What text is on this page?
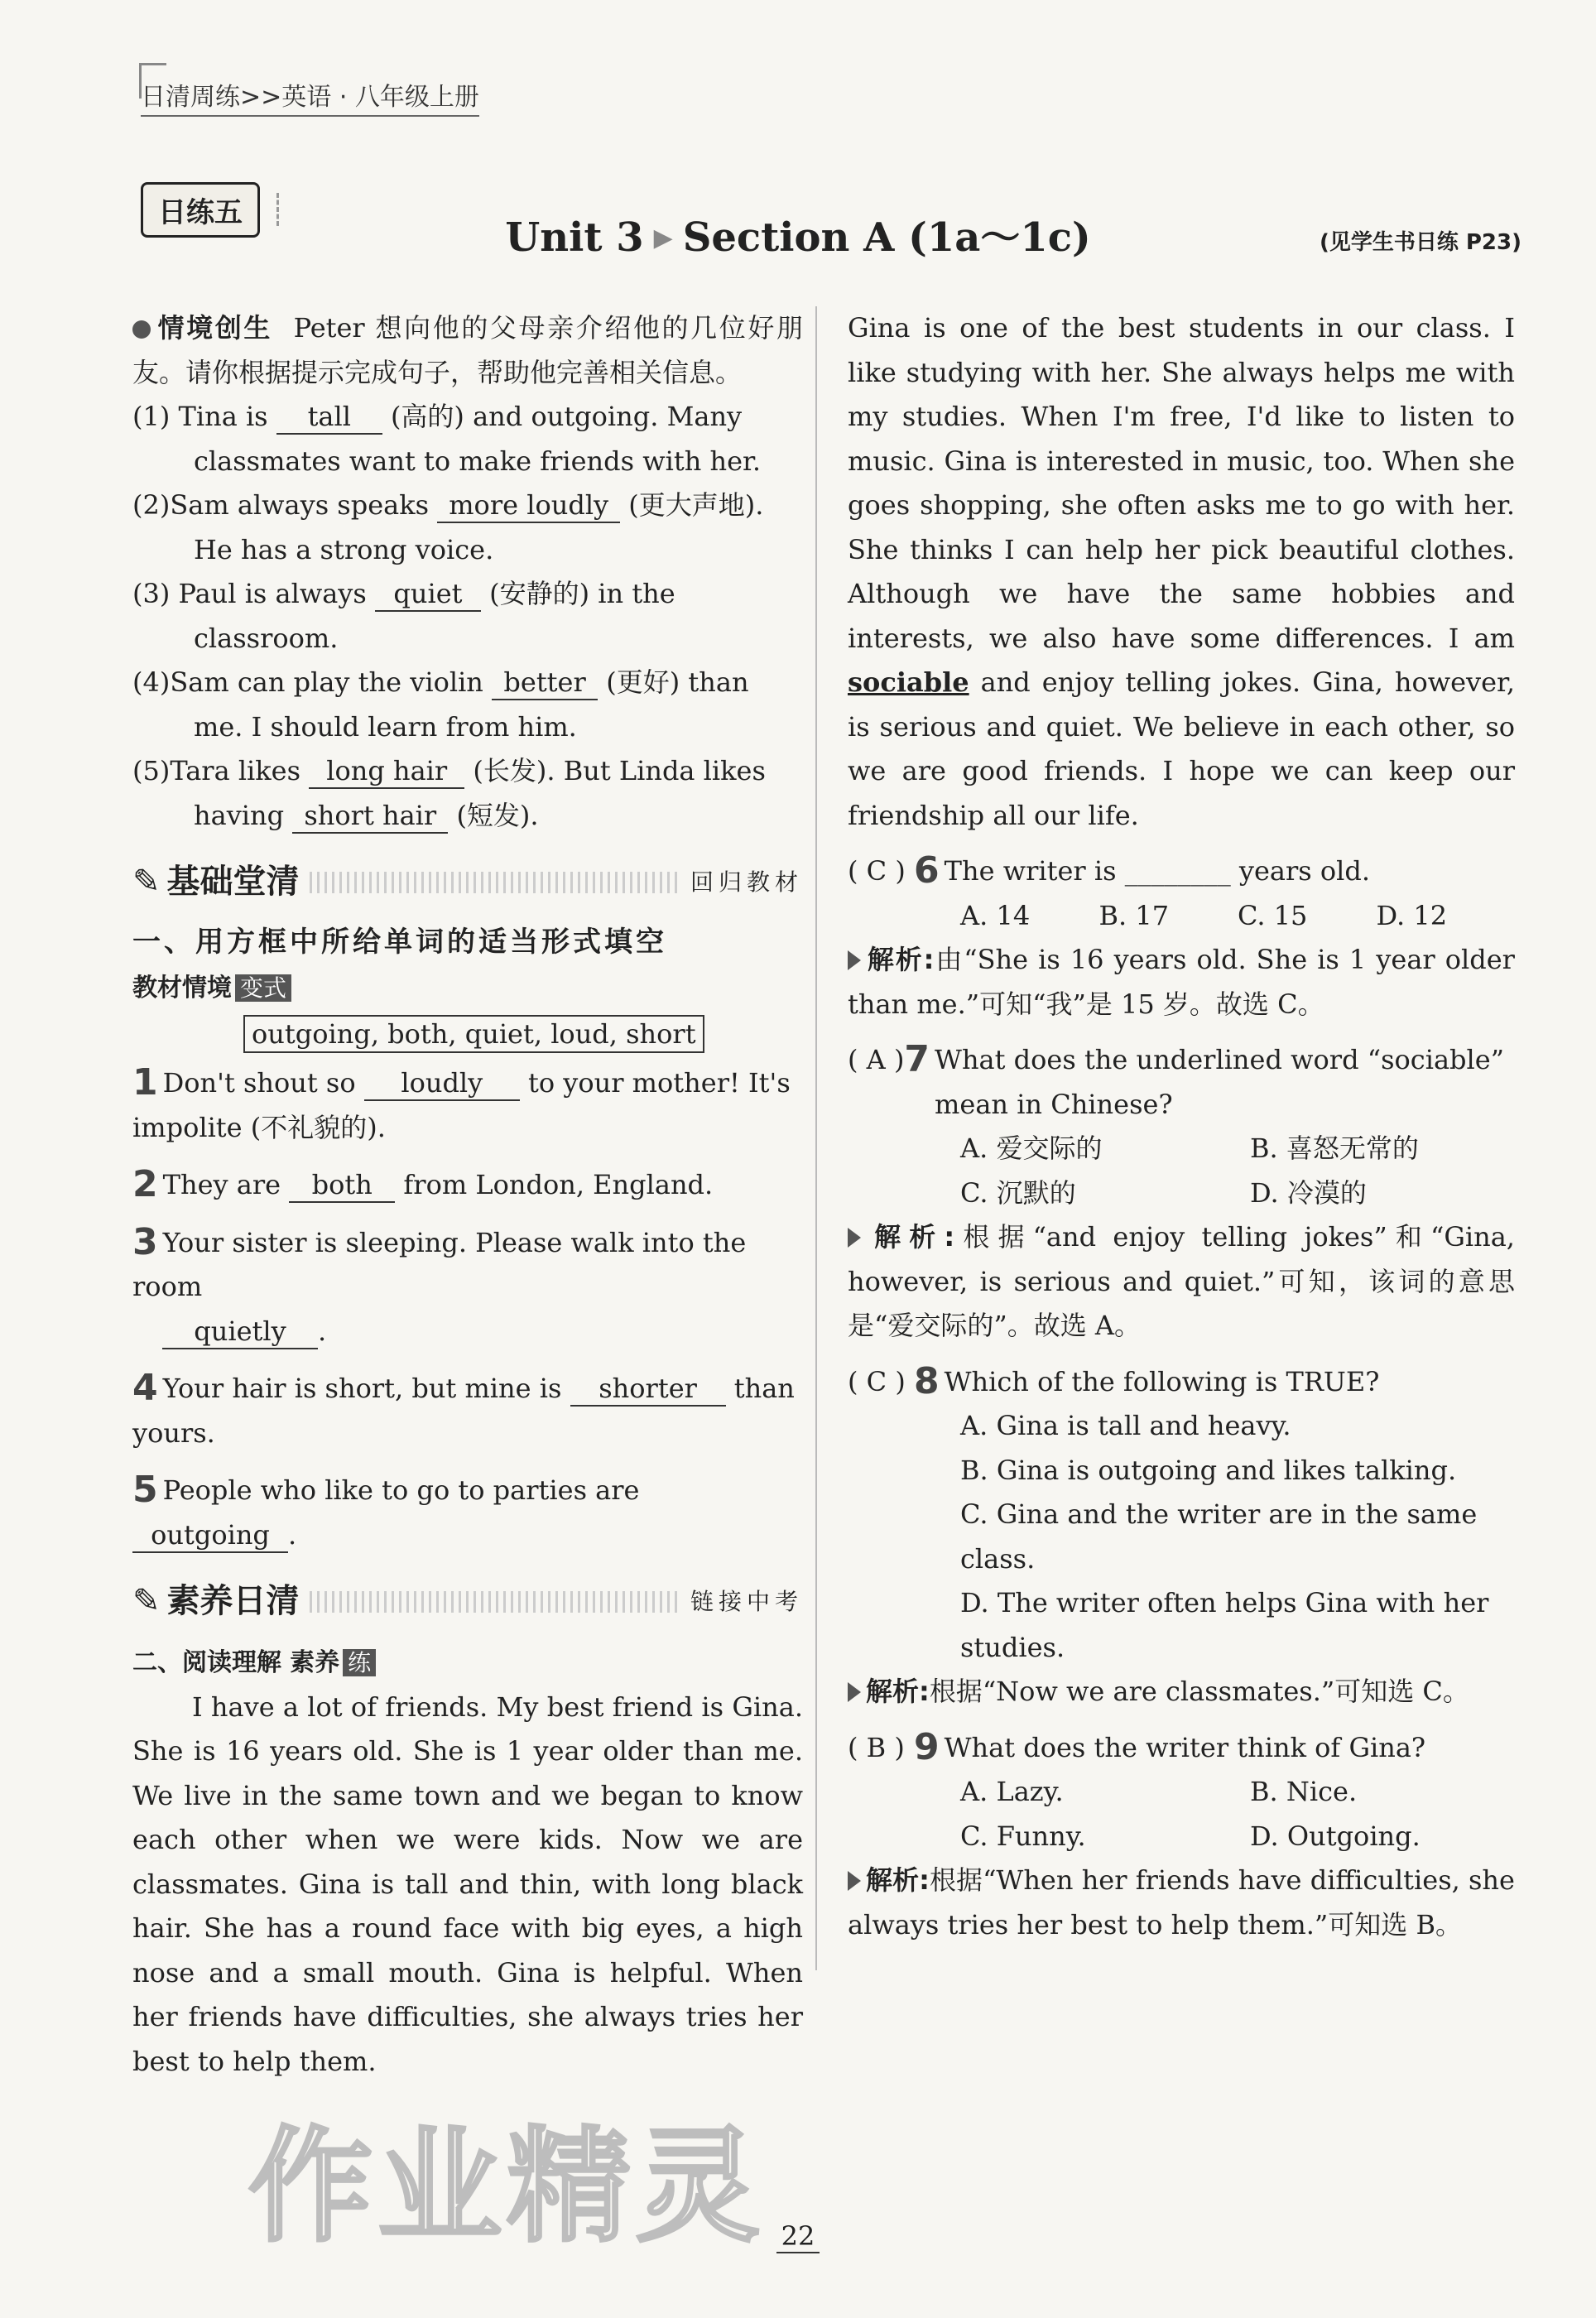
日清周练>>英语 · 八年级上册
日练五
Unit 3 ▶ Section A (1a～1c)	(见学生书日练 P23)
情境创生 Peter 想向他的父母亲介绍他的几位好朋友。请你根据提示完成句子，帮助他完善相关信息。
(1) Tina is tall (高的) and outgoing. Many
classmates want to make friends with her.
(2)Sam always speaks more loudly (更大声地).
He has a strong voice.
(3) Paul is always quiet (安静的) in the
classroom.
(4)Sam can play the violin better (更好) than
me. I should learn from him.
(5)Tara likes long hair (长发). But Linda likes
having short hair (短发).
✎ 基础堂清	回归教材
一、用方框中所给单词的适当形式填空
教材情境 变式
outgoing, both, quiet, loud, short
1 Don't shout so loudly to your mother! It's
impolite (不礼貌的).
2 They are both from London, England.
3 Your sister is sleeping. Please walk into the room
quietly .
4 Your hair is short, but mine is shorter than
yours.
5 People who like to go to parties are outgoing .
✎ 素养日清	链接中考
二、阅读理解 素养 练
I have a lot of friends. My best friend is Gina. She is 16 years old. She is 1 year older than me. We live in the same town and we began to know each other when we were kids. Now we are classmates. Gina is tall and thin, with long black hair. She has a round face with big eyes, a high nose and a small mouth. Gina is helpful. When her friends have difficulties, she always tries her best to help them.
Gina is one of the best students in our class. I like studying with her. She always helps me with my studies. When I'm free, I'd like to listen to music. Gina is interested in music, too. When she goes shopping, she often asks me to go with her. She thinks I can help her pick beautiful clothes. Although we have the same hobbies and interests, we also have some differences. I am sociable and enjoy telling jokes. Gina, however, is serious and quiet. We believe in each other, so we are good friends. I hope we can keep our friendship all our life.
( C ) 6 The writer is ________ years old.
A. 14	B. 17	C. 15	D. 12
解析:由“She is 16 years old. She is 1 year older than me.”可知“我”是 15 岁。故选 C。
( A ) 7 What does the underlined word “sociable” mean in Chinese?
A. 爱交际的	B. 喜怒无常的
C. 沉默的	D. 冷漠的
解析:根据“and enjoy telling jokes”和“Gina, however, is serious and quiet.”可知，该词的意思是“爱交际的”。故选 A。
( C ) 8 Which of the following is TRUE?
A. Gina is tall and heavy.
B. Gina is outgoing and likes talking.
C. Gina and the writer are in the same class.
D. The writer often helps Gina with her studies.
解析:根据“Now we are classmates.”可知选 C。
( B ) 9 What does the writer think of Gina?
A. Lazy.	B. Nice.
C. Funny.	D. Outgoing.
解析:根据“When her friends have difficulties, she always tries her best to help them.”可知选 B。
作业精灵 22
